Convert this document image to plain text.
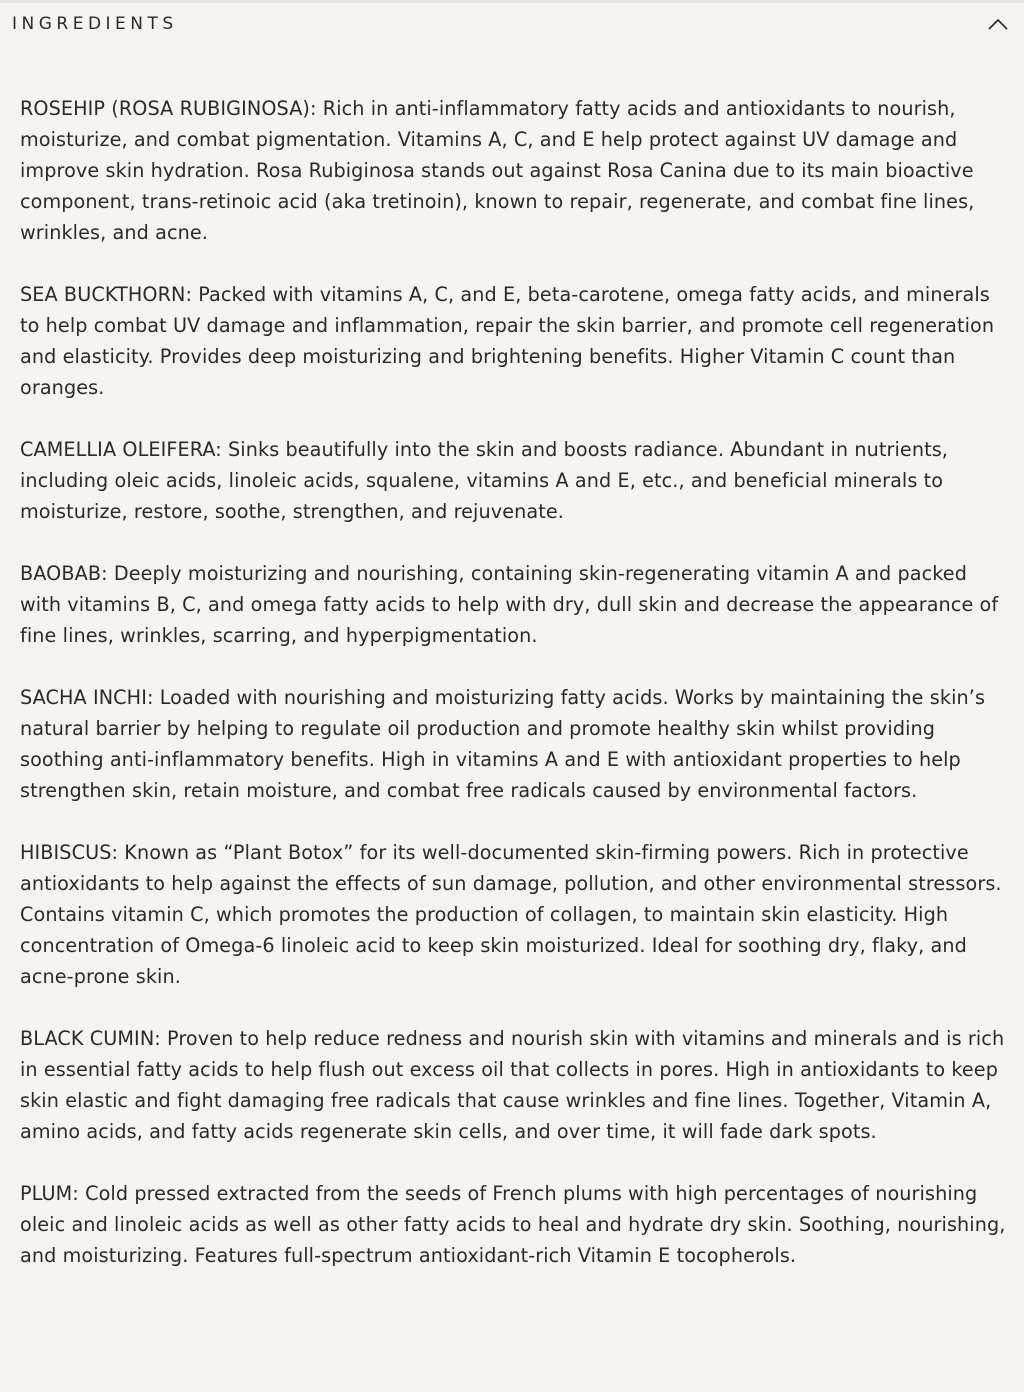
INGREDIENTS

ROSEHIP (ROSA RUBIGINOSA): Rich in anti-inflammatory fatty acids and antioxidants to nourish, moisturize, and combat pigmentation. Vitamins A, C, and E help protect against UV damage and improve skin hydration. Rosa Rubiginosa stands out against Rosa Canina due to its main bioactive component, trans-retinoic acid (aka tretinoin), known to repair, regenerate, and combat fine lines, wrinkles, and acne.

SEA BUCKTHORN: Packed with vitamins A, C, and E, beta-carotene, omega fatty acids, and minerals to help combat UV damage and inflammation, repair the skin barrier, and promote cell regeneration and elasticity. Provides deep moisturizing and brightening benefits. Higher Vitamin C count than oranges.

CAMELLIA OLEIFERA: Sinks beautifully into the skin and boosts radiance. Abundant in nutrients, including oleic acids, linoleic acids, squalene, vitamins A and E, etc., and beneficial minerals to moisturize, restore, soothe, strengthen, and rejuvenate.

BAOBAB: Deeply moisturizing and nourishing, containing skin-regenerating vitamin A and packed with vitamins B, C, and omega fatty acids to help with dry, dull skin and decrease the appearance of fine lines, wrinkles, scarring, and hyperpigmentation.

SACHA INCHI: Loaded with nourishing and moisturizing fatty acids. Works by maintaining the skin’s natural barrier by helping to regulate oil production and promote healthy skin whilst providing soothing anti-inflammatory benefits. High in vitamins A and E with antioxidant properties to help strengthen skin, retain moisture, and combat free radicals caused by environmental factors.

HIBISCUS: Known as “Plant Botox” for its well-documented skin-firming powers. Rich in protective antioxidants to help against the effects of sun damage, pollution, and other environmental stressors. Contains vitamin C, which promotes the production of collagen, to maintain skin elasticity. High concentration of Omega-6 linoleic acid to keep skin moisturized. Ideal for soothing dry, flaky, and acne-prone skin.

BLACK CUMIN: Proven to help reduce redness and nourish skin with vitamins and minerals and is rich in essential fatty acids to help flush out excess oil that collects in pores. High in antioxidants to keep skin elastic and fight damaging free radicals that cause wrinkles and fine lines. Together, Vitamin A, amino acids, and fatty acids regenerate skin cells, and over time, it will fade dark spots.

PLUM: Cold pressed extracted from the seeds of French plums with high percentages of nourishing oleic and linoleic acids as well as other fatty acids to heal and hydrate dry skin. Soothing, nourishing, and moisturizing. Features full-spectrum antioxidant-rich Vitamin E tocopherols.
